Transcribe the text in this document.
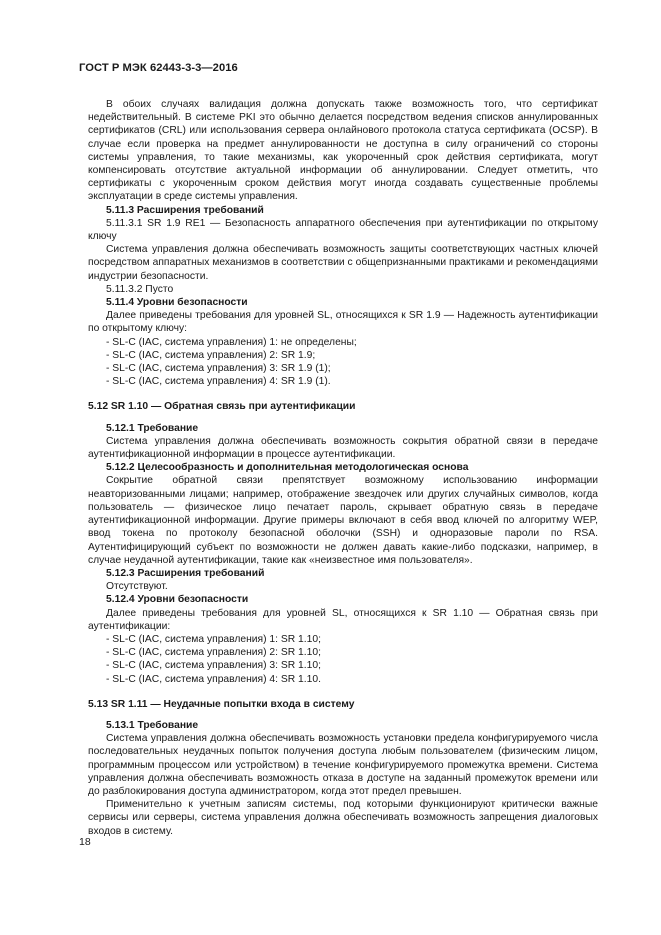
ГОСТ Р МЭК 62443-3-3—2016

В обоих случаях валидация должна допускать также возможность того, что сертификат недействительный. В системе PKI это обычно делается посредством ведения списков аннулированных сертификатов (CRL) или использования сервера онлайнового протокола статуса сертификата (OCSP). В случае если проверка на предмет аннулированности не доступна в силу ограничений со стороны системы управления, то такие механизмы, как укороченный срок действия сертификата, могут компенсировать отсутствие актуальной информации об аннулировании. Следует отметить, что сертификаты с укороченным сроком действия могут иногда создавать существенные проблемы эксплуатации в среде системы управления.

5.11.3 Расширения требований

5.11.3.1 SR 1.9 RE1 — Безопасность аппаратного обеспечения при аутентификации по открытому ключу

Система управления должна обеспечивать возможность защиты соответствующих частных ключей посредством аппаратных механизмов в соответствии с общепризнанными практиками и рекомендациями индустрии безопасности.

5.11.3.2 Пусто

5.11.4 Уровни безопасности

Далее приведены требования для уровней SL, относящихся к SR 1.9 — Надежность аутентификации по открытому ключу:

- SL-C (IAC, система управления) 1: не определены;
- SL-C (IAC, система управления) 2: SR 1.9;
- SL-C (IAC, система управления) 3: SR 1.9 (1);
- SL-C (IAC, система управления) 4: SR 1.9 (1).

5.12 SR 1.10 — Обратная связь при аутентификации

5.12.1 Требование

Система управления должна обеспечивать возможность сокрытия обратной связи в передаче аутентификационной информации в процессе аутентификации.

5.12.2 Целесообразность и дополнительная методологическая основа

Сокрытие обратной связи препятствует возможному использованию информации неавторизованными лицами; например, отображение звездочек или других случайных символов, когда пользователь — физическое лицо печатает пароль, скрывает обратную связь в передаче аутентификационной информации. Другие примеры включают в себя ввод ключей по алгоритму WEP, ввод токена по протоколу безопасной оболочки (SSH) и одноразовые пароли по RSA. Аутентифицирующий субъект по возможности не должен давать какие-либо подсказки, например, в случае неудачной аутентификации, такие как «неизвестное имя пользователя».

5.12.3 Расширения требований

Отсутствуют.

5.12.4 Уровни безопасности

Далее приведены требования для уровней SL, относящихся к SR 1.10 — Обратная связь при аутентификации:

- SL-C (IAC, система управления) 1: SR 1.10;
- SL-C (IAC, система управления) 2: SR 1.10;
- SL-C (IAC, система управления) 3: SR 1.10;
- SL-C (IAC, система управления) 4: SR 1.10.

5.13 SR 1.11 — Неудачные попытки входа в систему

5.13.1 Требование

Система управления должна обеспечивать возможность установки предела конфигурируемого числа последовательных неудачных попыток получения доступа любым пользователем (физическим лицом, программным процессом или устройством) в течение конфигурируемого промежутка времени. Система управления должна обеспечивать возможность отказа в доступе на заданный промежуток времени или до разблокирования доступа администратором, когда этот предел превышен.

Применительно к учетным записям системы, под которыми функционируют критически важные сервисы или серверы, система управления должна обеспечивать возможность запрещения диалоговых входов в систему.

18
